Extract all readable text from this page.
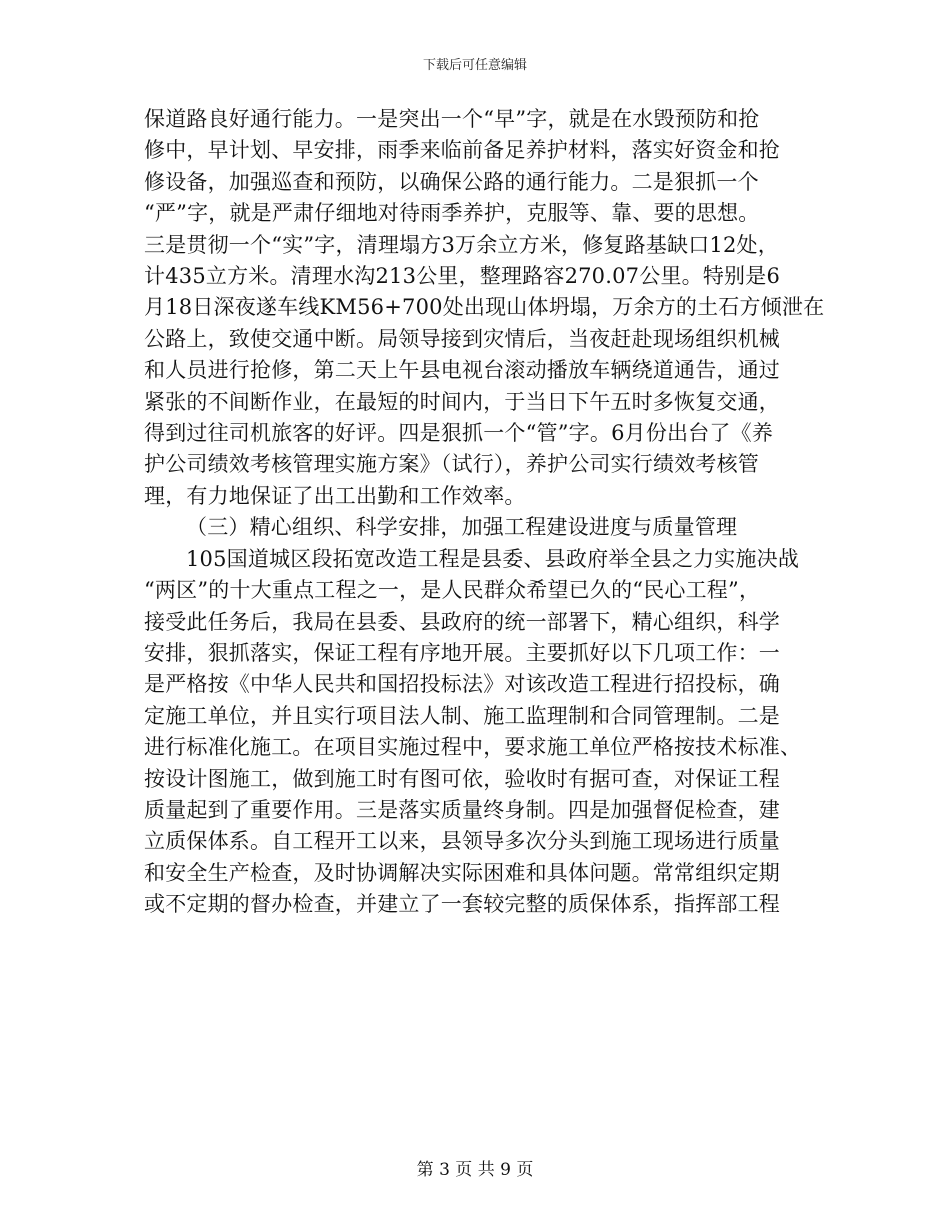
下载后可任意编辑
保道路良好通行能力。一是突出一个“早”字，就是在水毁预防和抢
修中，早计划、早安排，雨季来临前备足养护材料，落实好资金和抢
修设备，加强巡查和预防，以确保公路的通行能力。二是狠抓一个
“严”字，就是严肃仔细地对待雨季养护，克服等、靠、要的思想。
三是贯彻一个“实”字，清理塌方3万余立方米，修复路基缺口12处，
计435立方米。清理水沟213公里，整理路容270.07公里。特别是6
月18日深夜遂车线KM56+700处出现山体坍塌，万余方的土石方倾泄在
公路上，致使交通中断。局领导接到灾情后，当夜赶赴现场组织机械
和人员进行抢修，第二天上午县电视台滚动播放车辆绕道通告，通过
紧张的不间断作业，在最短的时间内，于当日下午五时多恢复交通，
得到过往司机旅客的好评。四是狠抓一个“管”字。6月份出台了《养
护公司绩效考核管理实施方案》（试行），养护公司实行绩效考核管
理，有力地保证了出工出勤和工作效率。
（三）精心组织、科学安排，加强工程建设进度与质量管理
105国道城区段拓宽改造工程是县委、县政府举全县之力实施决战
“两区”的十大重点工程之一，是人民群众希望已久的“民心工程”，
接受此任务后，我局在县委、县政府的统一部署下，精心组织，科学
安排，狠抓落实，保证工程有序地开展。主要抓好以下几项工作：一
是严格按《中华人民共和国招投标法》对该改造工程进行招投标，确
定施工单位，并且实行项目法人制、施工监理制和合同管理制。二是
进行标准化施工。在项目实施过程中，要求施工单位严格按技术标准、
按设计图施工，做到施工时有图可依，验收时有据可查，对保证工程
质量起到了重要作用。三是落实质量终身制。四是加强督促检查，建
立质保体系。自工程开工以来，县领导多次分头到施工现场进行质量
和安全生产检查，及时协调解决实际困难和具体问题。常常组织定期
或不定期的督办检查，并建立了一套较完整的质保体系，指挥部工程
第 3 页 共 9 页
